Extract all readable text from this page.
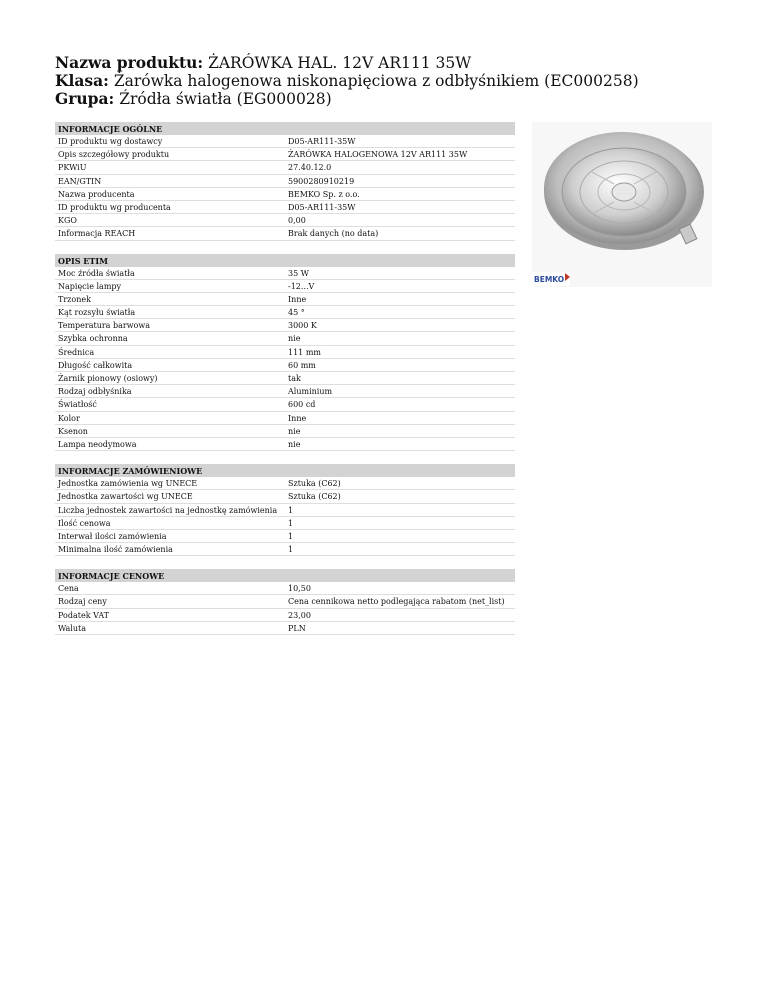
Nazwa produktu: ŻARÓWKA HAL. 12V AR111 35W
Klasa: Żarówka halogenowa niskonapięciowa z odbłyśnikiem (EC000258)
Grupa: Źródła światła (EG000028)
INFORMACJE OGÓLNE
ID produktu wg dostawcy	D05-AR111-35W
Opis szczegółowy produktu	ŻARÓWKA HALOGENOWA 12V AR111 35W
PKWiU	27.40.12.0
EAN/GTIN	5900280910219
Nazwa producenta	BEMKO Sp. z o.o.
ID produktu wg producenta	D05-AR111-35W
KGO	0,00
Informacja REACH	Brak danych (no data)
OPIS ETIM
Moc źródła światła	35 W
Napięcie lampy	-12...V
Trzonek	Inne
Kąt rozsyłu światła	45 °
Temperatura barwowa	3000 K
Szybka ochronna	nie
Średnica	111 mm
Długość całkowita	60 mm
Żarnik pionowy (osiowy)	tak
Rodzaj odbłyśnika	Aluminium
Światłość	600 cd
Kolor	Inne
Ksenon	nie
Lampa neodymowa	nie
INFORMACJE ZAMÓWIENIOWE
Jednostka zamówienia wg UNECE	Sztuka (C62)
Jednostka zawartości wg UNECE	Sztuka (C62)
Liczba jednostek zawartości na jednostkę zamówienia	1
Ilość cenowa	1
Interwał ilości zamówienia	1
Minimalna ilość zamówienia	1
INFORMACJE CENOWE
Cena	10,50
Rodzaj ceny	Cena cennikowa netto podlegająca rabatom (net_list)
Podatek VAT	23,00
Waluta	PLN
BEMKO
